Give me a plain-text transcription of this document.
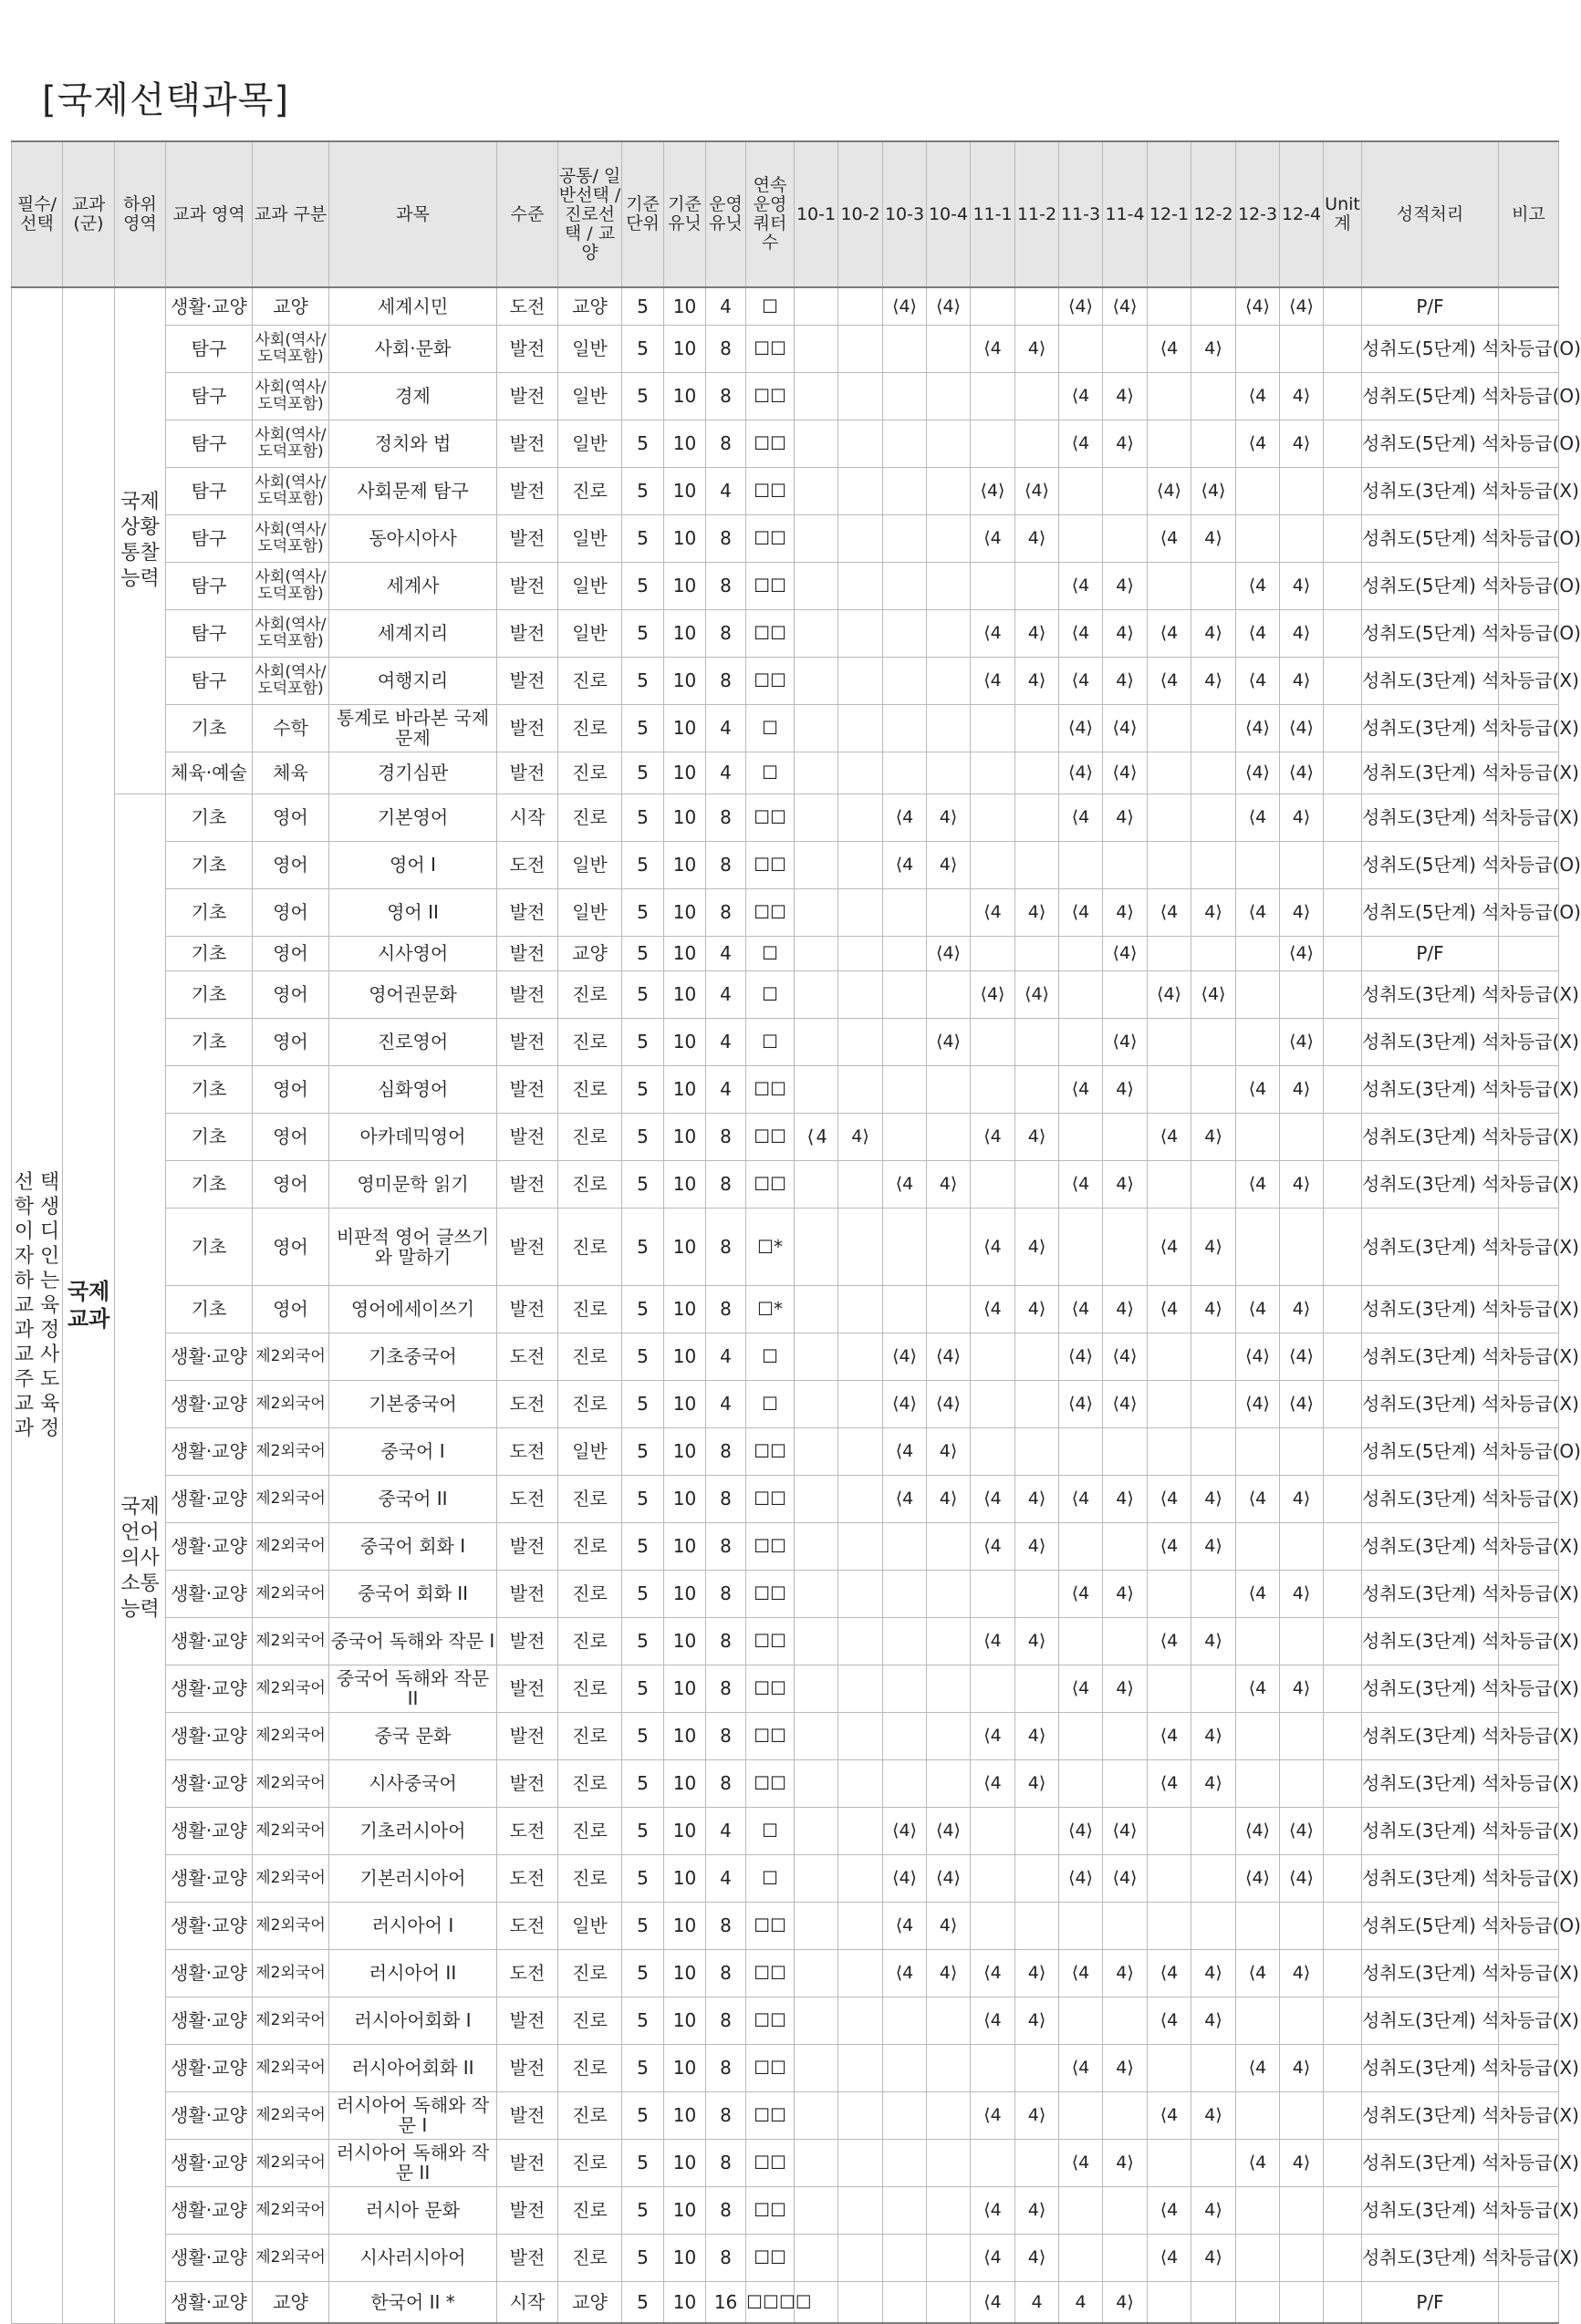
[국제선택과목]
필수/ 선택	교과 (군)	하위 영역	교과 영역	교과 구분	과목	수준	공통/ 일반선택 / 진로선택 / 교양	기준 단위	기준 유닛	운영 유닛	연속 운영 쿼터수	10-1	10-2	10-3	10-4	11-1	11-2	11-3	11-4	12-1	12-2	12-3	12-4	Unit 계	성적처리	비고
선 택 학 생 이 디 자 인 하 는 교 육 과 정 교 사 주 도 교 육 과 정	국제 교과	국제 상황 통찰 능력	생활·교양	교양	세계시민	도전	교양	5	10	4	☐			⟨4⟩	⟨4⟩			⟨4⟩	⟨4⟩			⟨4⟩	⟨4⟩		P/F	
			탐구	사회(역사/ 도덕포함)	사회·문화	발전	일반	5	10	8	☐☐					⟨4	4⟩			⟨4	4⟩				성취도(5단계) 석차등급(O)	
			탐구	사회(역사/ 도덕포함)	경제	발전	일반	5	10	8	☐☐							⟨4	4⟩			⟨4	4⟩		성취도(5단계) 석차등급(O)	
			탐구	사회(역사/ 도덕포함)	정치와 법	발전	일반	5	10	8	☐☐							⟨4	4⟩			⟨4	4⟩		성취도(5단계) 석차등급(O)	
			탐구	사회(역사/ 도덕포함)	사회문제 탐구	발전	진로	5	10	4	☐☐					⟨4⟩	⟨4⟩			⟨4⟩	⟨4⟩				성취도(3단계) 석차등급(X)	
			탐구	사회(역사/ 도덕포함)	동아시아사	발전	일반	5	10	8	☐☐					⟨4	4⟩			⟨4	4⟩				성취도(5단계) 석차등급(O)	
			탐구	사회(역사/ 도덕포함)	세계사	발전	일반	5	10	8	☐☐							⟨4	4⟩			⟨4	4⟩		성취도(5단계) 석차등급(O)	
			탐구	사회(역사/ 도덕포함)	세계지리	발전	일반	5	10	8	☐☐					⟨4	4⟩	⟨4	4⟩	⟨4	4⟩	⟨4	4⟩		성취도(5단계) 석차등급(O)	
			탐구	사회(역사/ 도덕포함)	여행지리	발전	진로	5	10	8	☐☐					⟨4	4⟩	⟨4	4⟩	⟨4	4⟩	⟨4	4⟩		성취도(3단계) 석차등급(X)	
			기초	수학	통계로 바라본 국제문제	발전	진로	5	10	4	☐							⟨4⟩	⟨4⟩			⟨4⟩	⟨4⟩		성취도(3단계) 석차등급(X)	
			체육·예술	체육	경기심판	발전	진로	5	10	4	☐							⟨4⟩	⟨4⟩			⟨4⟩	⟨4⟩		성취도(3단계) 석차등급(X)	
		국제 언어 의사 소통 능력	기초	영어	기본영어	시작	진로	5	10	8	☐☐			⟨4	4⟩			⟨4	4⟩			⟨4	4⟩		성취도(3단계) 석차등급(X)	
			기초	영어	영어 I	도전	일반	5	10	8	☐☐			⟨4	4⟩										성취도(5단계) 석차등급(O)	
			기초	영어	영어 II	발전	일반	5	10	8	☐☐					⟨4	4⟩	⟨4	4⟩	⟨4	4⟩	⟨4	4⟩		성취도(5단계) 석차등급(O)	
			기초	영어	시사영어	발전	교양	5	10	4	☐				⟨4⟩				⟨4⟩				⟨4⟩		P/F	
			기초	영어	영어권문화	발전	진로	5	10	4	☐					⟨4⟩	⟨4⟩			⟨4⟩	⟨4⟩				성취도(3단계) 석차등급(X)	
			기초	영어	진로영어	발전	진로	5	10	4	☐				⟨4⟩				⟨4⟩				⟨4⟩		성취도(3단계) 석차등급(X)	
			기초	영어	심화영어	발전	진로	5	10	4	☐☐							⟨4	4⟩			⟨4	4⟩		성취도(3단계) 석차등급(X)	
			기초	영어	아카데믹영어	발전	진로	5	10	8	☐☐	⟨4	4⟩			⟨4	4⟩			⟨4	4⟩				성취도(3단계) 석차등급(X)	
			기초	영어	영미문학 읽기	발전	진로	5	10	8	☐☐			⟨4	4⟩			⟨4	4⟩			⟨4	4⟩		성취도(3단계) 석차등급(X)	
			기초	영어	비판적 영어 글쓰기와 말하기	발전	진로	5	10	8	☐*					⟨4	4⟩			⟨4	4⟩				성취도(3단계) 석차등급(X)	
			기초	영어	영어에세이쓰기	발전	진로	5	10	8	☐*					⟨4	4⟩	⟨4	4⟩	⟨4	4⟩	⟨4	4⟩		성취도(3단계) 석차등급(X)	
			생활·교양	제2외국어	기초중국어	도전	진로	5	10	4	☐			⟨4⟩	⟨4⟩			⟨4⟩	⟨4⟩			⟨4⟩	⟨4⟩		성취도(3단계) 석차등급(X)	
			생활·교양	제2외국어	기본중국어	도전	진로	5	10	4	☐			⟨4⟩	⟨4⟩			⟨4⟩	⟨4⟩			⟨4⟩	⟨4⟩		성취도(3단계) 석차등급(X)	
			생활·교양	제2외국어	중국어 I	도전	일반	5	10	8	☐☐			⟨4	4⟩										성취도(5단계) 석차등급(O)	
			생활·교양	제2외국어	중국어 II	도전	진로	5	10	8	☐☐			⟨4	4⟩	⟨4	4⟩	⟨4	4⟩	⟨4	4⟩	⟨4	4⟩		성취도(3단계) 석차등급(X)	
			생활·교양	제2외국어	중국어 회화 I	발전	진로	5	10	8	☐☐					⟨4	4⟩			⟨4	4⟩				성취도(3단계) 석차등급(X)	
			생활·교양	제2외국어	중국어 회화 II	발전	진로	5	10	8	☐☐							⟨4	4⟩			⟨4	4⟩		성취도(3단계) 석차등급(X)	
			생활·교양	제2외국어	중국어 독해와 작문 I	발전	진로	5	10	8	☐☐					⟨4	4⟩			⟨4	4⟩				성취도(3단계) 석차등급(X)	
			생활·교양	제2외국어	중국어 독해와 작문 II	발전	진로	5	10	8	☐☐							⟨4	4⟩			⟨4	4⟩		성취도(3단계) 석차등급(X)	
			생활·교양	제2외국어	중국 문화	발전	진로	5	10	8	☐☐					⟨4	4⟩			⟨4	4⟩				성취도(3단계) 석차등급(X)	
			생활·교양	제2외국어	시사중국어	발전	진로	5	10	8	☐☐					⟨4	4⟩			⟨4	4⟩				성취도(3단계) 석차등급(X)	
			생활·교양	제2외국어	기초러시아어	도전	진로	5	10	4	☐			⟨4⟩	⟨4⟩			⟨4⟩	⟨4⟩			⟨4⟩	⟨4⟩		성취도(3단계) 석차등급(X)	
			생활·교양	제2외국어	기본러시아어	도전	진로	5	10	4	☐			⟨4⟩	⟨4⟩			⟨4⟩	⟨4⟩			⟨4⟩	⟨4⟩		성취도(3단계) 석차등급(X)	
			생활·교양	제2외국어	러시아어 I	도전	일반	5	10	8	☐☐			⟨4	4⟩										성취도(5단계) 석차등급(O)	
			생활·교양	제2외국어	러시아어 II	도전	진로	5	10	8	☐☐			⟨4	4⟩	⟨4	4⟩	⟨4	4⟩	⟨4	4⟩	⟨4	4⟩		성취도(3단계) 석차등급(X)	
			생활·교양	제2외국어	러시아어회화 I	발전	진로	5	10	8	☐☐					⟨4	4⟩			⟨4	4⟩				성취도(3단계) 석차등급(X)	
			생활·교양	제2외국어	러시아어회화 II	발전	진로	5	10	8	☐☐							⟨4	4⟩			⟨4	4⟩		성취도(3단계) 석차등급(X)	
			생활·교양	제2외국어	러시아어 독해와 작문 I	발전	진로	5	10	8	☐☐					⟨4	4⟩			⟨4	4⟩				성취도(3단계) 석차등급(X)	
			생활·교양	제2외국어	러시아어 독해와 작문 II	발전	진로	5	10	8	☐☐							⟨4	4⟩			⟨4	4⟩		성취도(3단계) 석차등급(X)	
			생활·교양	제2외국어	러시아 문화	발전	진로	5	10	8	☐☐					⟨4	4⟩			⟨4	4⟩				성취도(3단계) 석차등급(X)	
			생활·교양	제2외국어	시사러시아어	발전	진로	5	10	8	☐☐					⟨4	4⟩			⟨4	4⟩				성취도(3단계) 석차등급(X)	
			생활·교양	교양	한국어 II *	시작	교양	5	10	16	☐☐☐☐					⟨4	4	4	4⟩						P/F	
